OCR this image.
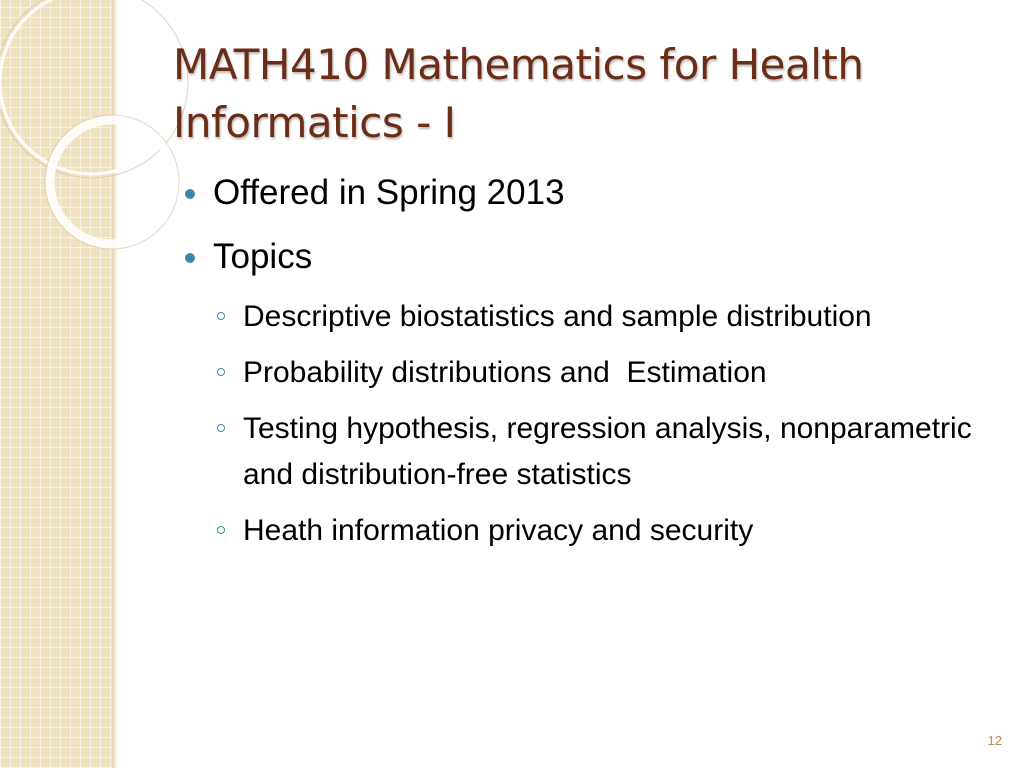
MATH410 Mathematics for Health Informatics - I
Offered in Spring 2013
Topics
Descriptive biostatistics and sample distribution
Probability distributions and  Estimation
Testing hypothesis, regression analysis, nonparametric and distribution-free statistics
Heath information privacy and security
12
